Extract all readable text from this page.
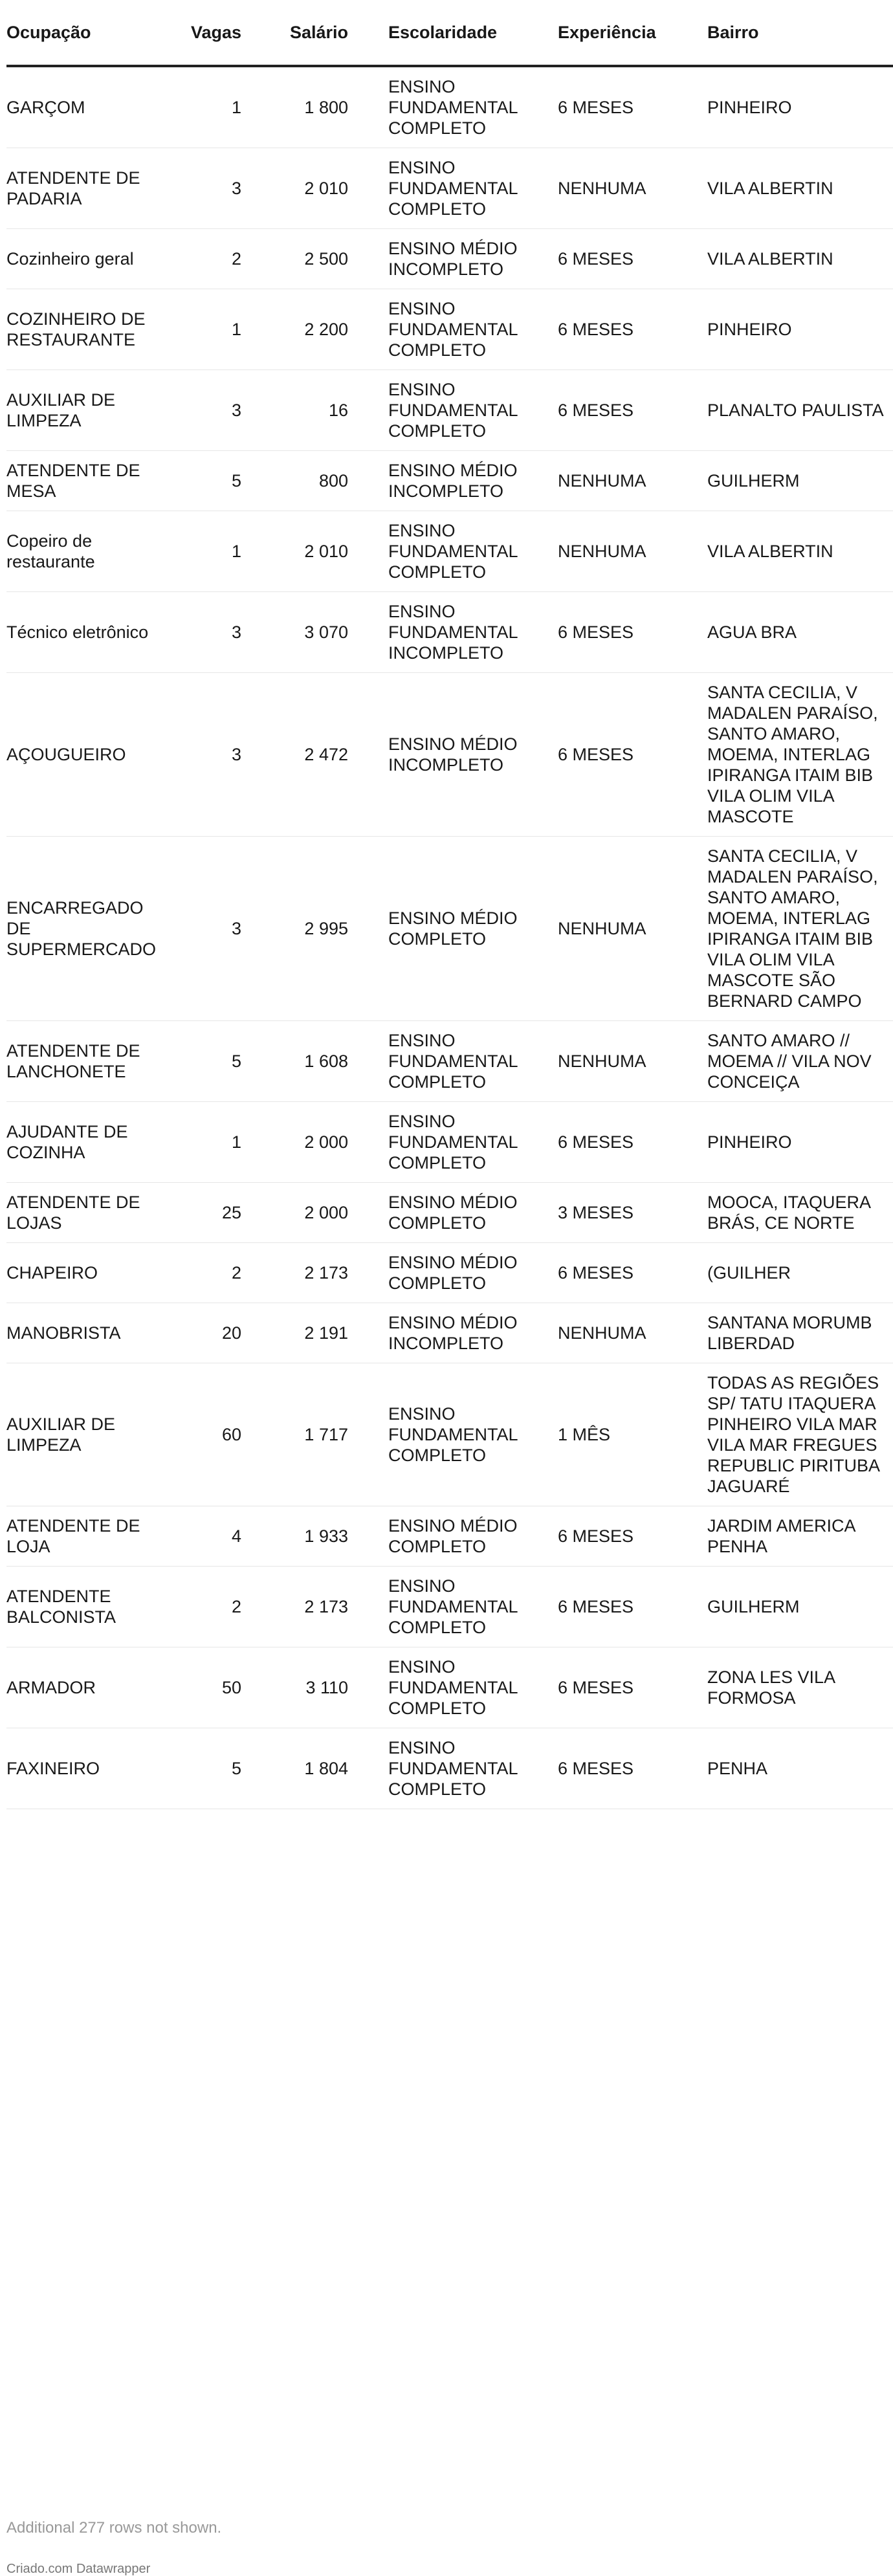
Ocupação	Vagas	Salário	Escolaridade	Experiência	Bairro
GARÇOM	1	1 800	ENSINO FUNDAMENTAL COMPLETO	6 MESES	PINHEIRO
ATENDENTE DE PADARIA	3	2 010	ENSINO FUNDAMENTAL COMPLETO	NENHUMA	VILA ALBERTIN
Cozinheiro geral	2	2 500	ENSINO MÉDIO INCOMPLETO	6 MESES	VILA ALBERTIN
COZINHEIRO DE RESTAURANTE	1	2 200	ENSINO FUNDAMENTAL COMPLETO	6 MESES	PINHEIRO
AUXILIAR DE LIMPEZA	3	16	ENSINO FUNDAMENTAL COMPLETO	6 MESES	PLANALTO PAULISTA
ATENDENTE DE MESA	5	800	ENSINO MÉDIO INCOMPLETO	NENHUMA	GUILHERM
Copeiro de restaurante	1	2 010	ENSINO FUNDAMENTAL COMPLETO	NENHUMA	VILA ALBERTIN
Técnico eletrônico	3	3 070	ENSINO FUNDAMENTAL INCOMPLETO	6 MESES	AGUA BRA
AÇOUGUEIRO	3	2 472	ENSINO MÉDIO INCOMPLETO	6 MESES	SANTA CECILIA, V MADALEN PARAÍSO, SANTO AMARO, MOEMA, INTERLAG IPIRANGA ITAIM BIB VILA OLIM VILA MASCOTE
ENCARREGADO DE SUPERMERCADO	3	2 995	ENSINO MÉDIO COMPLETO	NENHUMA	SANTA CECILIA, V MADALEN PARAÍSO, SANTO AMARO, MOEMA, INTERLAG IPIRANGA ITAIM BIB VILA OLIM VILA MASCOTE SÃO BERNARD CAMPO
ATENDENTE DE LANCHONETE	5	1 608	ENSINO FUNDAMENTAL COMPLETO	NENHUMA	SANTO AMARO // MOEMA // VILA NOV CONCEIÇA
AJUDANTE DE COZINHA	1	2 000	ENSINO FUNDAMENTAL COMPLETO	6 MESES	PINHEIRO
ATENDENTE DE LOJAS	25	2 000	ENSINO MÉDIO COMPLETO	3 MESES	MOOCA, ITAQUERA BRÁS, CE NORTE
CHAPEIRO	2	2 173	ENSINO MÉDIO COMPLETO	6 MESES	(GUILHER
MANOBRISTA	20	2 191	ENSINO MÉDIO INCOMPLETO	NENHUMA	SANTANA MORUMB LIBERDAD
AUXILIAR DE LIMPEZA	60	1 717	ENSINO FUNDAMENTAL COMPLETO	1 MÊS	TODAS AS REGIÕES SP/ TATU ITAQUERA PINHEIRO VILA MAR VILA MAR FREGUES REPUBLIC PIRITUBA JAGUARÉ
ATENDENTE DE LOJA	4	1 933	ENSINO MÉDIO COMPLETO	6 MESES	JARDIM AMERICA PENHA
ATENDENTE BALCONISTA	2	2 173	ENSINO FUNDAMENTAL COMPLETO	6 MESES	GUILHERM
ARMADOR	50	3 110	ENSINO FUNDAMENTAL COMPLETO	6 MESES	ZONA LES VILA FORMOSA
FAXINEIRO	5	1 804	ENSINO FUNDAMENTAL COMPLETO	6 MESES	PENHA
Additional 277 rows not shown.
Criado.com Datawrapper
